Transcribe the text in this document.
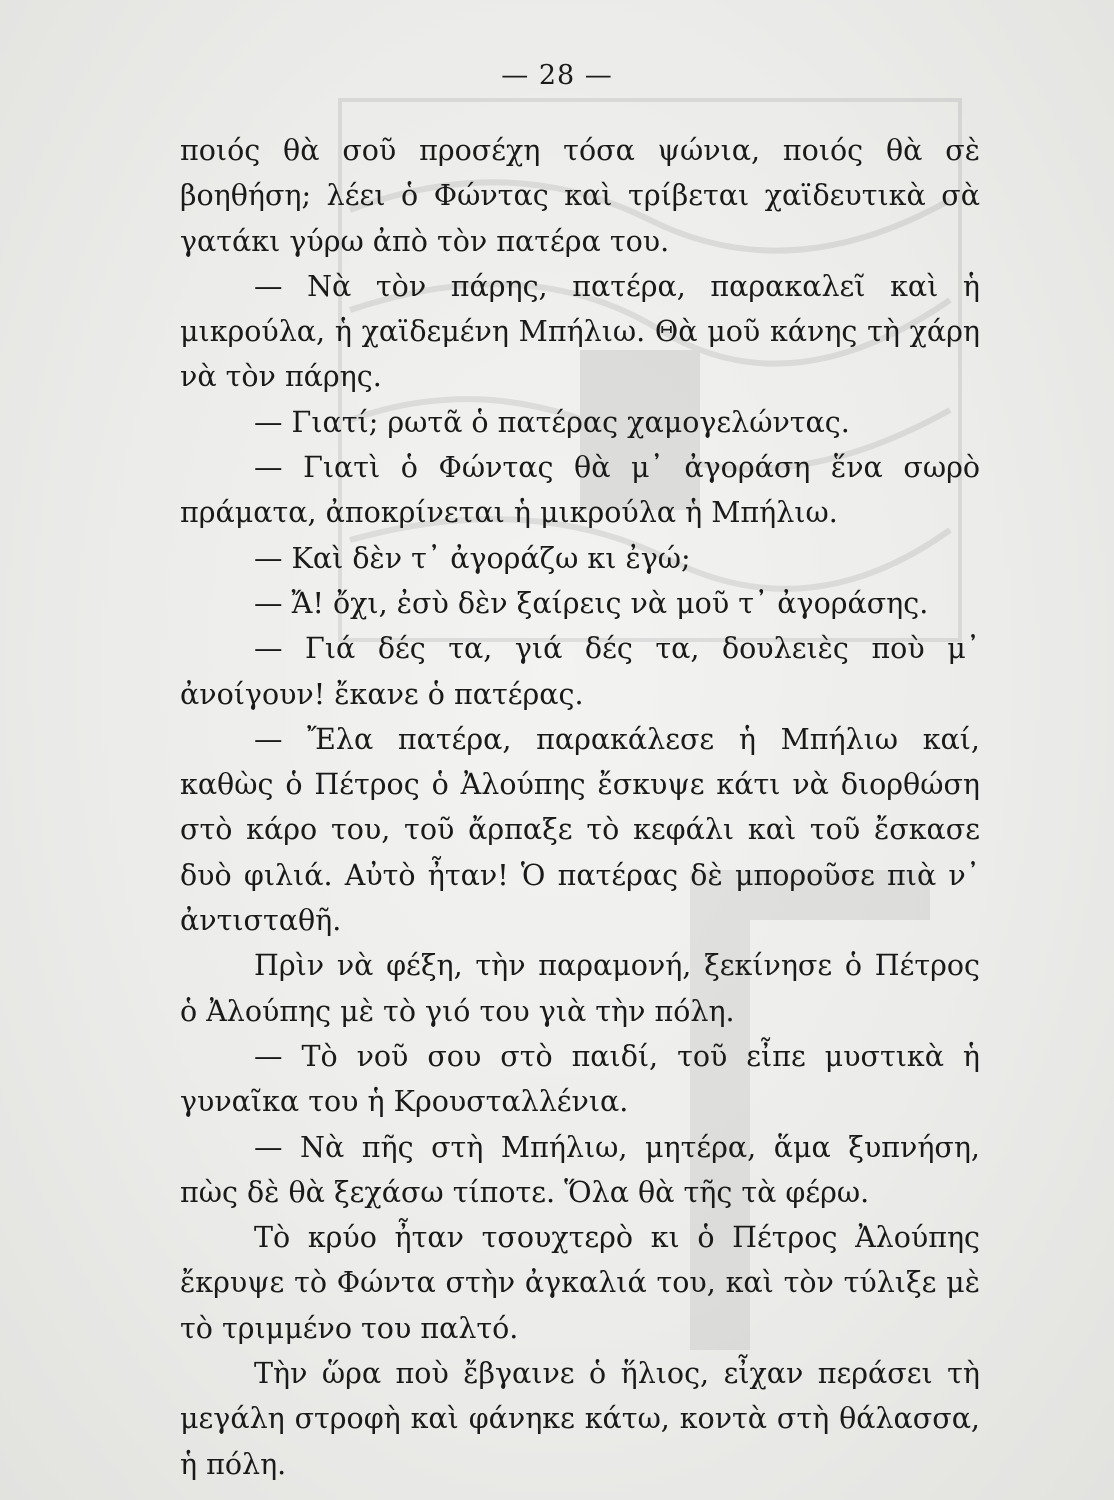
— 28 —

ποιός θὰ σοῦ προσέχη τόσα ψώνια, ποιός θὰ σὲ βοηθήση; λέει ὁ Φώντας καὶ τρίβεται χαϊδευτικὰ σὰ γατάκι γύρω ἀπὸ τὸν πατέρα του.

— Νὰ τὸν πάρης, πατέρα, παρακαλεῖ καὶ ἡ μικρούλα, ἡ χαϊδεμένη Μπήλιω. Θὰ μοῦ κάνης τὴ χάρη νὰ τὸν πάρης.

— Γιατί; ρωτᾶ ὁ πατέρας χαμογελώντας.

— Γιατὶ ὁ Φώντας θὰ μ᾽ ἀγοράση ἕνα σωρὸ πράματα, ἀποκρίνεται ἡ μικρούλα ἡ Μπήλιω.

— Καὶ δὲν τ᾽ ἀγοράζω κι ἐγώ;

— Ἄ! ὄχι, ἐσὺ δὲν ξαίρεις νὰ μοῦ τ᾽ ἀγοράσης.

— Γιά δές τα, γιά δές τα, δουλειὲς ποὺ μ᾽ ἀνοίγουν! ἔκανε ὁ πατέρας.

— Ἔλα πατέρα, παρακάλεσε ἡ Μπήλιω καί, καθὼς ὁ Πέτρος ὁ Ἀλούπης ἔσκυψε κάτι νὰ διορθώση στὸ κάρο του, τοῦ ἄρπαξε τὸ κεφάλι καὶ τοῦ ἔσκασε δυὸ φιλιά. Αὐτὸ ἦταν! Ὁ πατέρας δὲ μποροῦσε πιὰ ν᾽ ἀντισταθῆ.

Πρὶν νὰ φέξη, τὴν παραμονή, ξεκίνησε ὁ Πέτρος ὁ Ἀλούπης μὲ τὸ γιό του γιὰ τὴν πόλη.

— Τὸ νοῦ σου στὸ παιδί, τοῦ εἶπε μυστικὰ ἡ γυναῖκα του ἡ Κρουσταλλένια.

— Νὰ πῆς στὴ Μπήλιω, μητέρα, ἅμα ξυπνήση, πὼς δὲ θὰ ξεχάσω τίποτε. Ὅλα θὰ τῆς τὰ φέρω.

Τὸ κρύο ἦταν τσουχτερὸ κι ὁ Πέτρος Ἀλούπης ἔκρυψε τὸ Φώντα στὴν ἀγκαλιά του, καὶ τὸν τύλιξε μὲ τὸ τριμμένο του παλτό.

Τὴν ὥρα ποὺ ἔβγαινε ὁ ἥλιος, εἶχαν περάσει τὴ μεγάλη στροφὴ καὶ φάνηκε κάτω, κοντὰ στὴ θάλασσα, ἡ πόλη.
